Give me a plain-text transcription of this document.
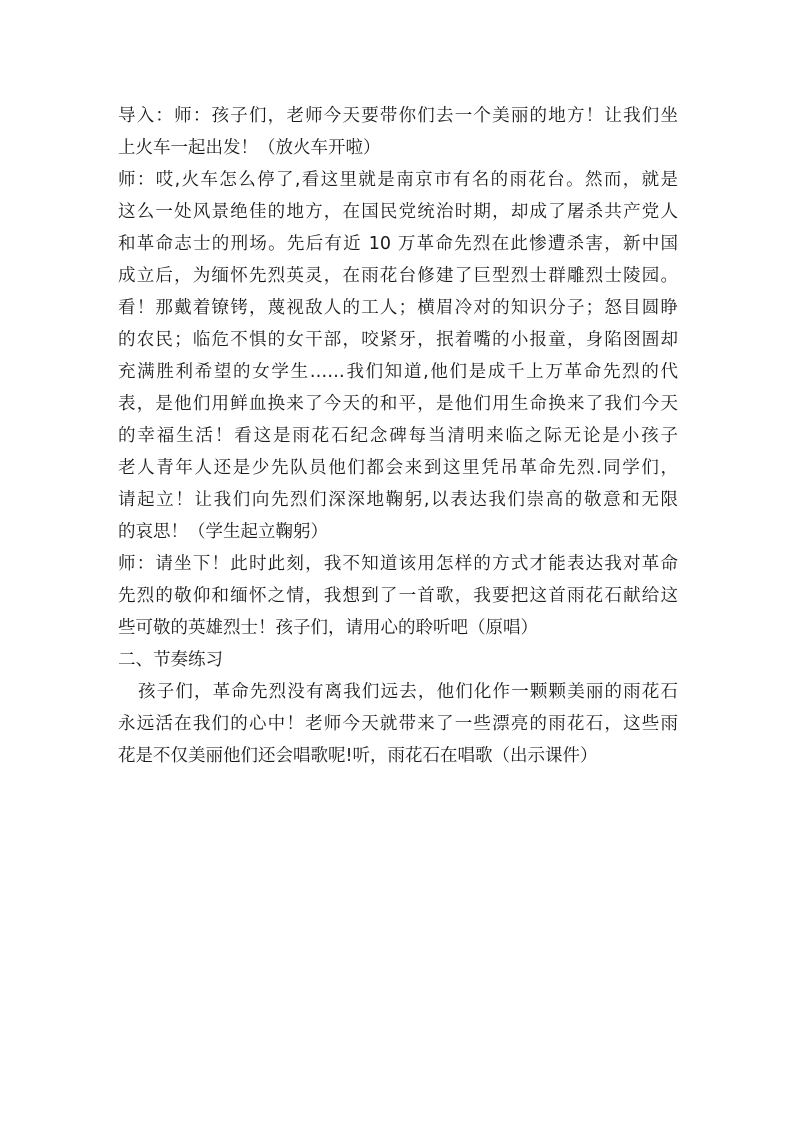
导入：师：孩子们，老师今天要带你们去一个美丽的地方！让我们坐
上火车一起出发！（放火车开啦）
师：哎,火车怎么停了,看这里就是南京市有名的雨花台。然而，就是
这么一处风景绝佳的地方，在国民党统治时期，却成了屠杀共产党人
和革命志士的刑场。先后有近 10 万革命先烈在此惨遭杀害，新中国
成立后，为缅怀先烈英灵，在雨花台修建了巨型烈士群雕烈士陵园。
看！那戴着镣铐，蔑视敌人的工人；横眉冷对的知识分子；怒目圆睁
的农民；临危不惧的女干部，咬紧牙，抿着嘴的小报童，身陷囹圄却
充满胜利希望的女学生……我们知道,他们是成千上万革命先烈的代
表，是他们用鲜血换来了今天的和平，是他们用生命换来了我们今天
的幸福生活！看这是雨花石纪念碑每当清明来临之际无论是小孩子
老人青年人还是少先队员他们都会来到这里凭吊革命先烈.同学们，
请起立！让我们向先烈们深深地鞠躬,以表达我们崇高的敬意和无限
的哀思！（学生起立鞠躬）
师：请坐下！此时此刻，我不知道该用怎样的方式才能表达我对革命
先烈的敬仰和缅怀之情，我想到了一首歌，我要把这首雨花石献给这
些可敬的英雄烈士！孩子们，请用心的聆听吧（原唱）
二、节奏练习
孩子们，革命先烈没有离我们远去，他们化作一颗颗美丽的雨花石
永远活在我们的心中！老师今天就带来了一些漂亮的雨花石，这些雨
花是不仅美丽他们还会唱歌呢!听，雨花石在唱歌（出示课件）
